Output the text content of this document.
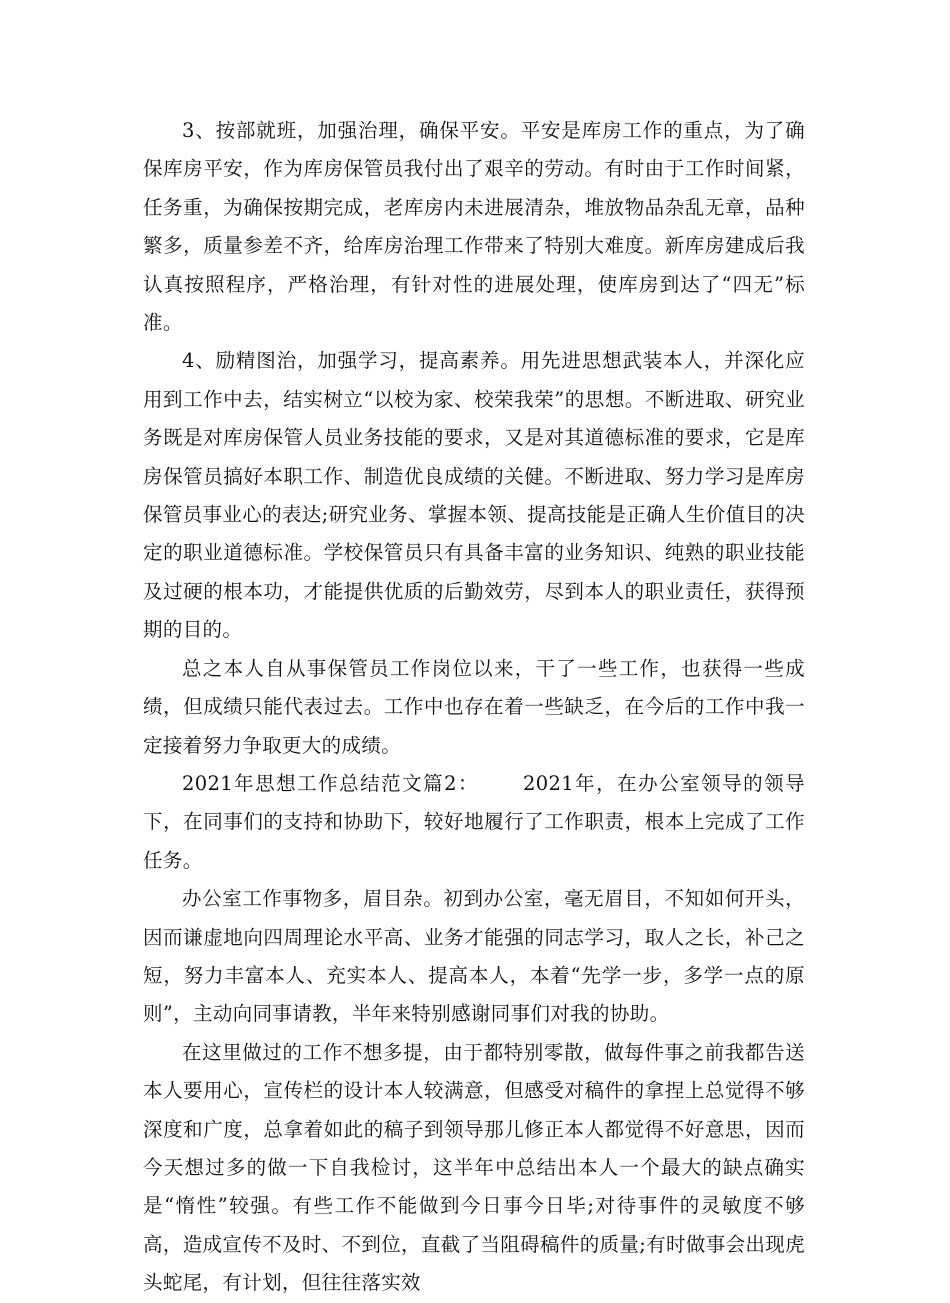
3、按部就班，加强治理，确保平安。平安是库房工作的重点，为了确保库房平安，作为库房保管员我付出了艰辛的劳动。有时由于工作时间紧，任务重，为确保按期完成，老库房内未进展清杂，堆放物品杂乱无章，品种繁多，质量参差不齐，给库房治理工作带来了特别大难度。新库房建成后我认真按照程序，严格治理，有针对性的进展处理，使库房到达了“四无”标准。

4、励精图治，加强学习，提高素养。用先进思想武装本人，并深化应用到工作中去，结实树立“以校为家、校荣我荣”的思想。不断进取、研究业务既是对库房保管人员业务技能的要求，又是对其道德标准的要求，它是库房保管员搞好本职工作、制造优良成绩的关健。不断进取、努力学习是库房保管员事业心的表达;研究业务、掌握本领、提高技能是正确人生价值目的决定的职业道德标准。学校保管员只有具备丰富的业务知识、纯熟的职业技能及过硬的根本功，才能提供优质的后勤效劳，尽到本人的职业责任，获得预期的目的。

总之本人自从事保管员工作岗位以来，干了一些工作，也获得一些成绩，但成绩只能代表过去。工作中也存在着一些缺乏，在今后的工作中我一定接着努力争取更大的成绩。

2021年思想工作总结范文篇2： 2021年，在办公室领导的领导下，在同事们的支持和协助下，较好地履行了工作职责，根本上完成了工作任务。

办公室工作事物多，眉目杂。初到办公室，毫无眉目，不知如何开头，因而谦虚地向四周理论水平高、业务才能强的同志学习，取人之长，补己之短，努力丰富本人、充实本人、提高本人，本着“先学一步，多学一点的原则”，主动向同事请教，半年来特别感谢同事们对我的协助。

在这里做过的工作不想多提，由于都特别零散，做每件事之前我都告送本人要用心，宣传栏的设计本人较满意，但感受对稿件的拿捏上总觉得不够深度和广度，总拿着如此的稿子到领导那儿修正本人都觉得不好意思，因而今天想过多的做一下自我检讨，这半年中总结出本人一个最大的缺点确实是“惰性”较强。有些工作不能做到今日事今日毕;对待事件的灵敏度不够高，造成宣传不及时、不到位，直截了当阻碍稿件的质量;有时做事会出现虎头蛇尾，有计划，但往往落实效
